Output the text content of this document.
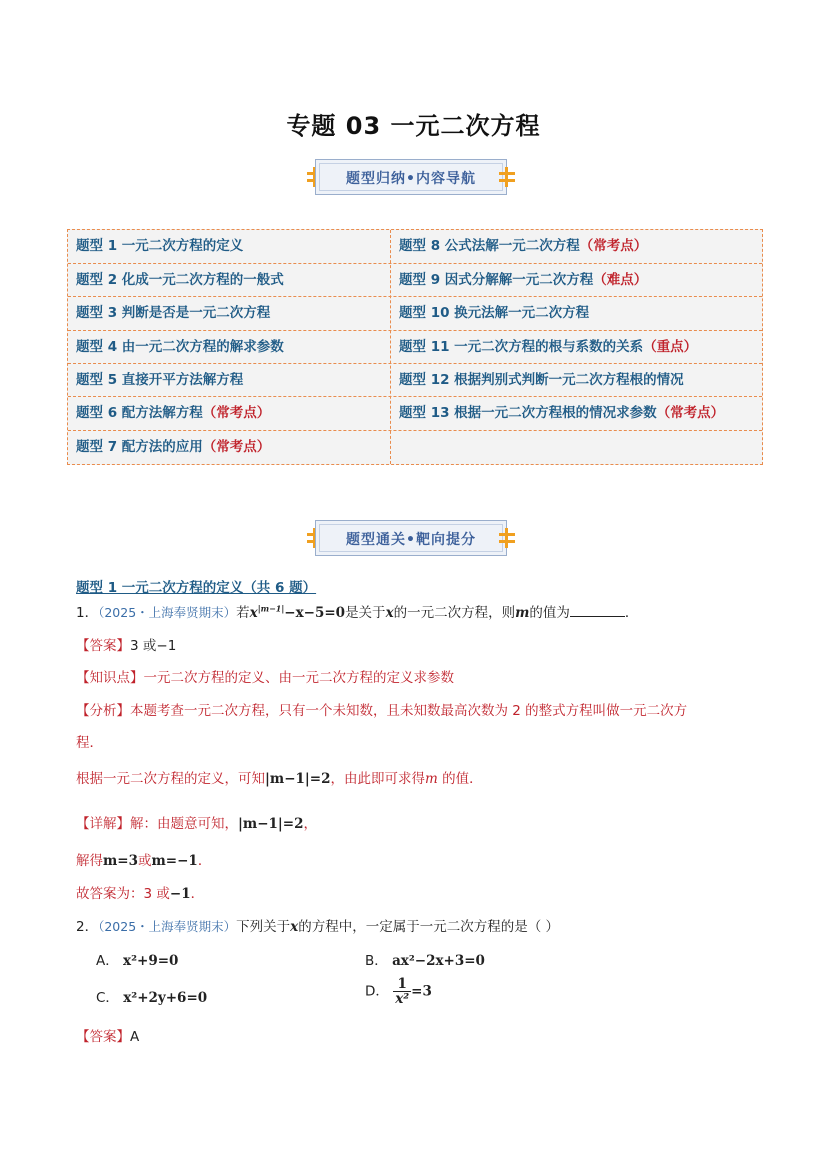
专题 03 一元二次方程
题型归纳•内容导航
题型 1 一元二次方程的定义	题型 8 公式法解一元二次方程（常考点）
题型 2 化成一元二次方程的一般式	题型 9 因式分解解一元二次方程（难点）
题型 3 判断是否是一元二次方程	题型 10 换元法解一元二次方程
题型 4 由一元二次方程的解求参数	题型 11 一元二次方程的根与系数的关系（重点）
题型 5 直接开平方法解方程	题型 12 根据判别式判断一元二次方程根的情况
题型 6 配方法解方程（常考点）	题型 13 根据一元二次方程根的情况求参数（常考点）
题型 7 配方法的应用（常考点）
题型通关•靶向提分
题型 1 一元二次方程的定义（共 6 题）
1．（2025・上海奉贤期末）若$x^{|m-1|}-x-5=0$是关于x的一元二次方程，则m的值为	．
【答案】3 或−1
【知识点】一元二次方程的定义、由一元二次方程的定义求参数
【分析】本题考查一元二次方程，只有一个未知数，且未知数最高次数为 2 的整式方程叫做一元二次方
程．
根据一元二次方程的定义，可知|m−1|=2，由此即可求得m 的值．
【详解】解：由题意可知，|m−1|=2，
解得m=3或m=−1．
故答案为：3 或−1．
2．（2025・上海奉贤期末）下列关于x的方程中，一定属于一元二次方程的是（ ）
A． x²+9=0	B． ax²−2x+3=0
C． x²+2y+6=0	D． $\frac{1}{\text{x²}} =3$
【答案】A
